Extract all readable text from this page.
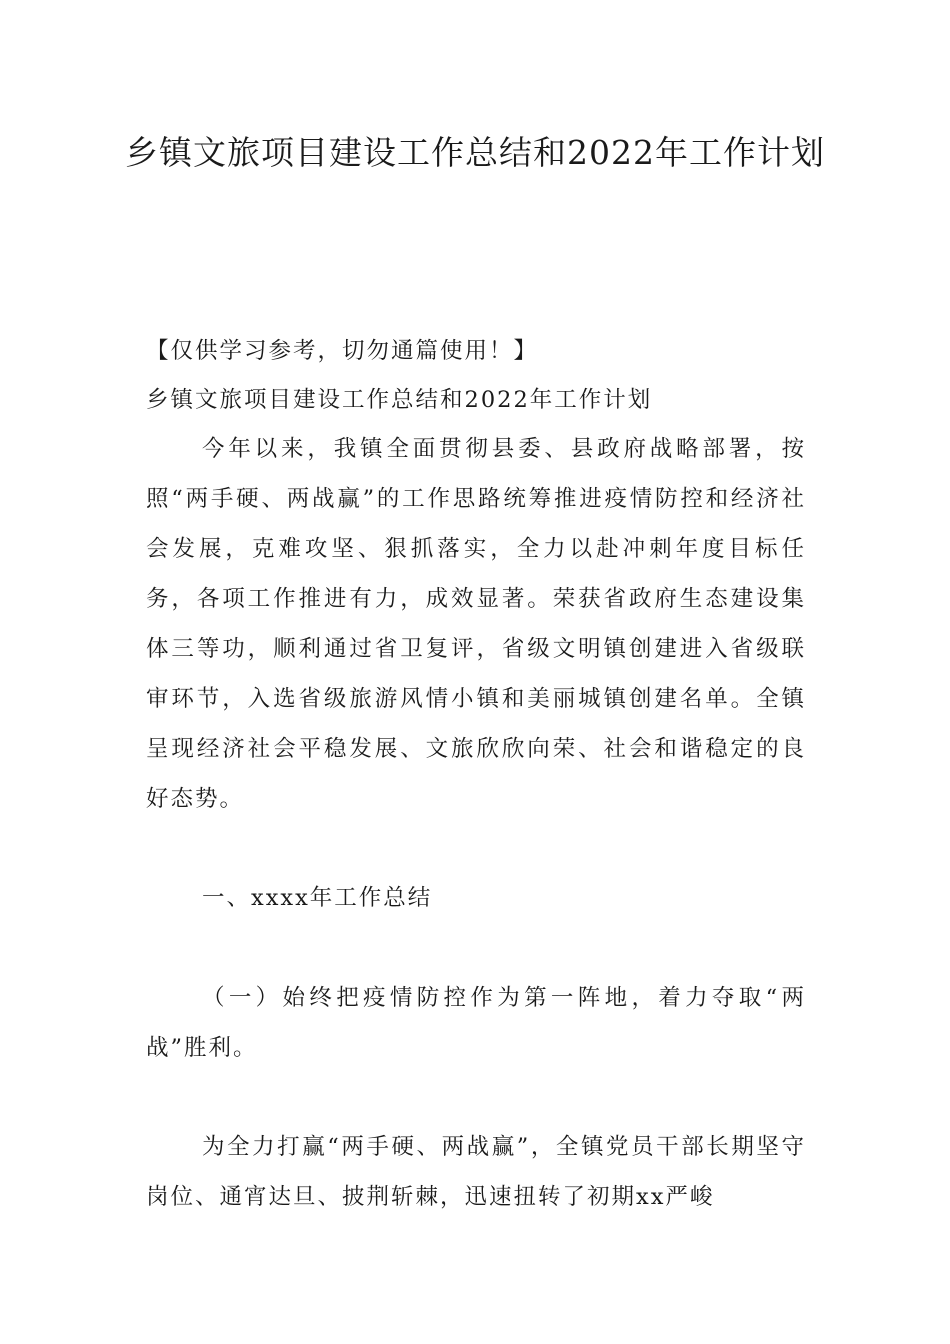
乡镇文旅项目建设工作总结和2022年工作计划

【仅供学习参考，切勿通篇使用！】

乡镇文旅项目建设工作总结和2022年工作计划

今年以来，我镇全面贯彻县委、县政府战略部署，按照“两手硬、两战赢”的工作思路统筹推进疫情防控和经济社会发展，克难攻坚、狠抓落实，全力以赴冲刺年度目标任务，各项工作推进有力，成效显著。荣获省政府生态建设集体三等功，顺利通过省卫复评，省级文明镇创建进入省级联审环节，入选省级旅游风情小镇和美丽城镇创建名单。全镇呈现经济社会平稳发展、文旅欣欣向荣、社会和谐稳定的良好态势。

一、xxxx年工作总结

（一）始终把疫情防控作为第一阵地，着力夺取“两战”胜利。

为全力打赢“两手硬、两战赢”，全镇党员干部长期坚守岗位、通宵达旦、披荆斩棘，迅速扭转了初期xx严峻
